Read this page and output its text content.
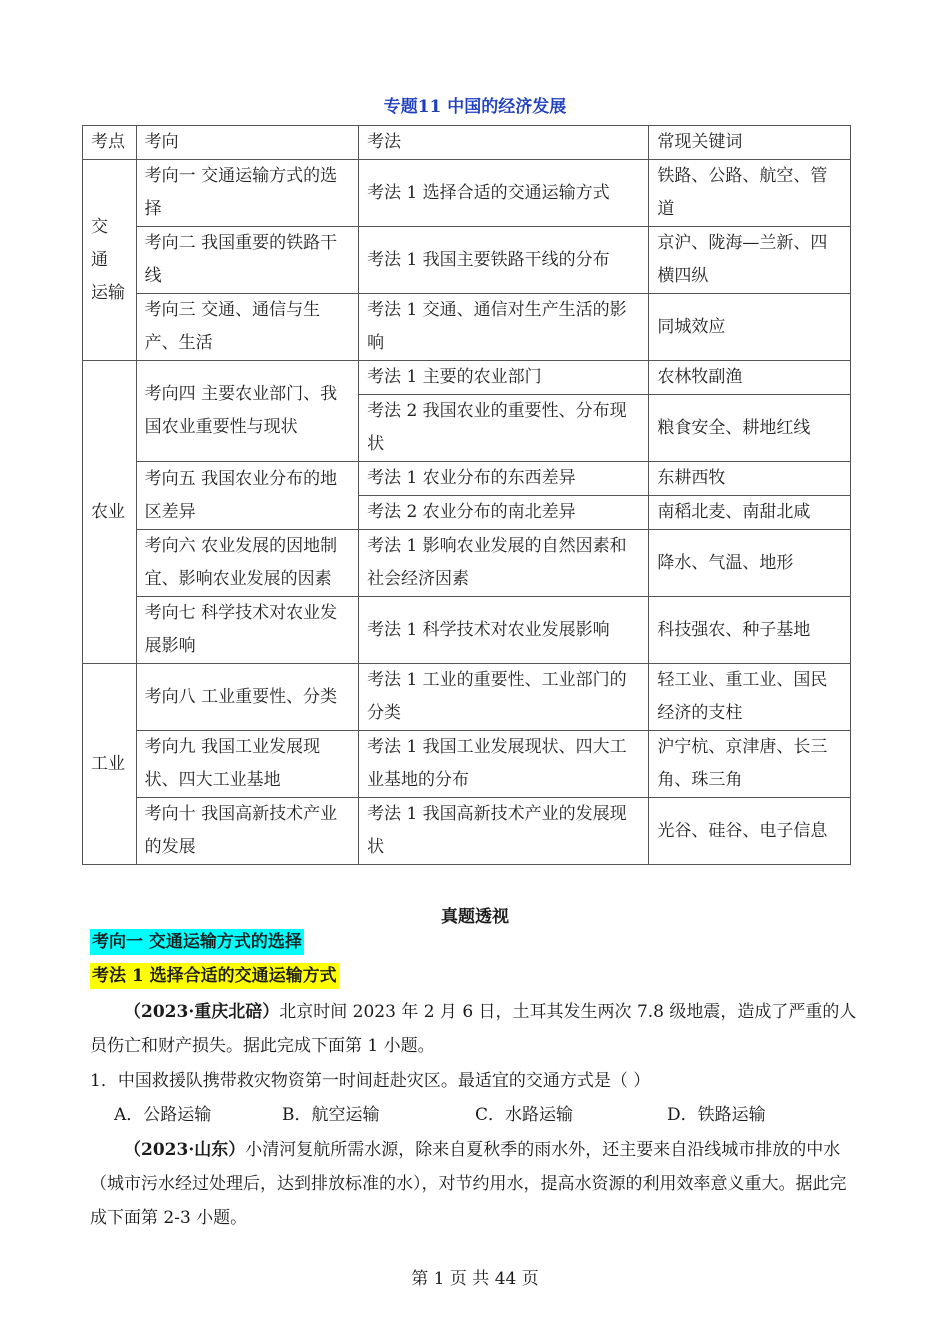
专题11 中国的经济发展
考点	考向	考法	常现关键词
交 通 运输	考向一 交通运输方式的选择	考法 1 选择合适的交通运输方式	铁路、公路、航空、管道
	考向二 我国重要的铁路干线	考法 1 我国主要铁路干线的分布	京沪、陇海—兰新、四横四纵
	考向三 交通、通信与生产、生活	考法 1 交通、通信对生产生活的影响	同城效应
农业	考向四 主要农业部门、我国农业重要性与现状	考法 1 主要的农业部门	农林牧副渔
		考法 2 我国农业的重要性、分布现状	粮食安全、耕地红线
	考向五 我国农业分布的地区差异	考法 1 农业分布的东西差异	东耕西牧
		考法 2 农业分布的南北差异	南稻北麦、南甜北咸
	考向六 农业发展的因地制宜、影响农业发展的因素	考法 1 影响农业发展的自然因素和社会经济因素	降水、气温、地形
	考向七 科学技术对农业发展影响	考法 1 科学技术对农业发展影响	科技强农、种子基地
工业	考向八 工业重要性、分类	考法 1 工业的重要性、工业部门的分类	轻工业、重工业、国民经济的支柱
	考向九 我国工业发展现状、四大工业基地	考法 1 我国工业发展现状、四大工业基地的分布	沪宁杭、京津唐、长三角、珠三角
	考向十 我国高新技术产业的发展	考法 1 我国高新技术产业的发展现状	光谷、硅谷、电子信息
真题透视
考向一 交通运输方式的选择
考法 1 选择合适的交通运输方式
（2023·重庆北碚）北京时间 2023 年 2 月 6 日，土耳其发生两次 7.8 级地震，造成了严重的人员伤亡和财产损失。据此完成下面第 1 小题。
1．中国救援队携带救灾物资第一时间赶赴灾区。最适宜的交通方式是（ ）
A．公路运输	B．航空运输	C．水路运输	D．铁路运输
（2023·山东）小清河复航所需水源，除来自夏秋季的雨水外，还主要来自沿线城市排放的中水（城市污水经过处理后，达到排放标准的水），对节约用水，提高水资源的利用效率意义重大。据此完成下面第 2-3 小题。
第 1 页 共 44 页
